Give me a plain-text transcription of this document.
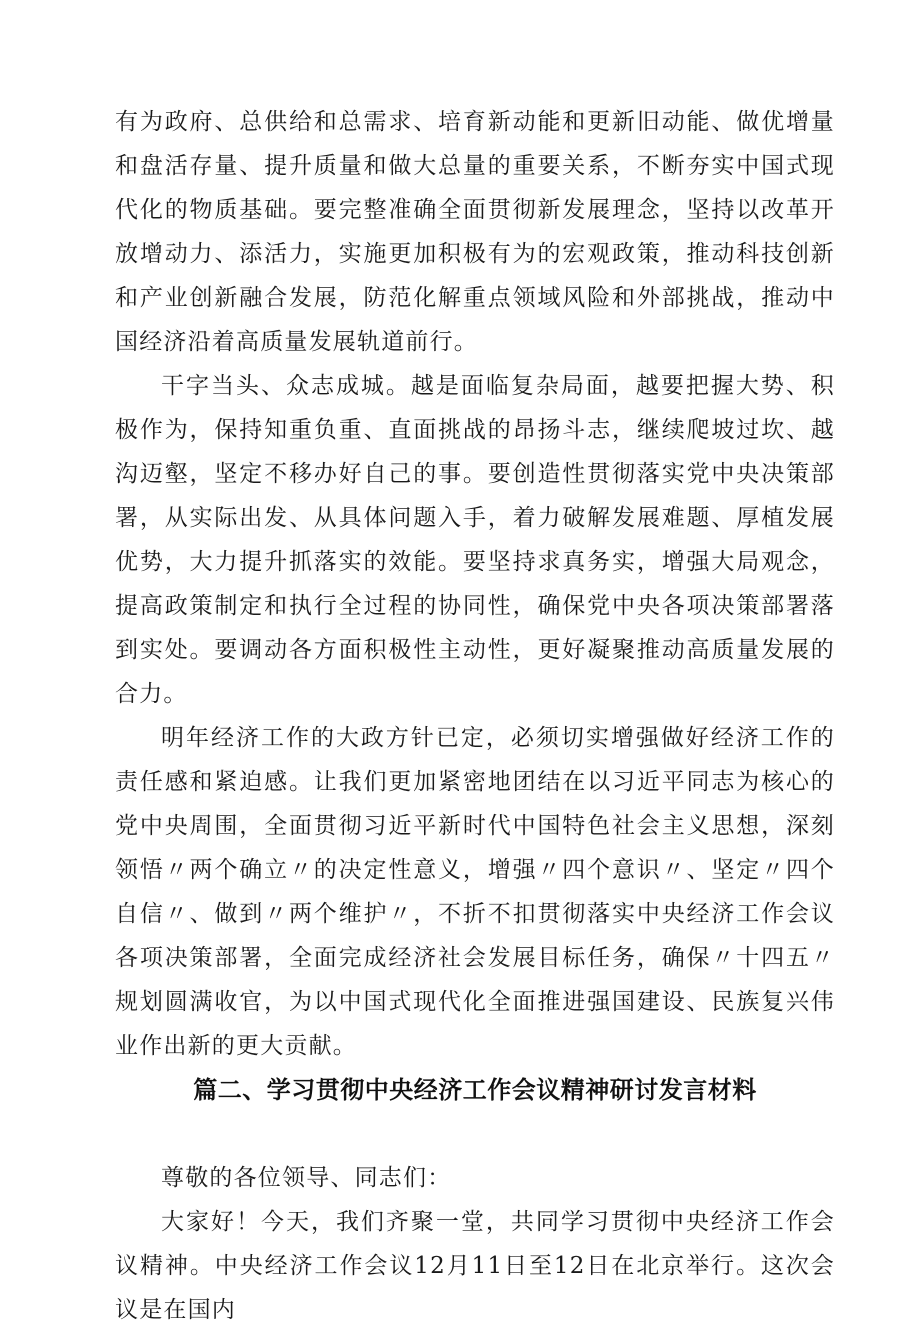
有为政府、总供给和总需求、培育新动能和更新旧动能、做优增量和盘活存量、提升质量和做大总量的重要关系，不断夯实中国式现代化的物质基础。要完整准确全面贯彻新发展理念，坚持以改革开放增动力、添活力，实施更加积极有为的宏观政策，推动科技创新和产业创新融合发展，防范化解重点领域风险和外部挑战，推动中国经济沿着高质量发展轨道前行。

干字当头、众志成城。越是面临复杂局面，越要把握大势、积极作为，保持知重负重、直面挑战的昂扬斗志，继续爬坡过坎、越沟迈壑，坚定不移办好自己的事。要创造性贯彻落实党中央决策部署，从实际出发、从具体问题入手，着力破解发展难题、厚植发展优势，大力提升抓落实的效能。要坚持求真务实，增强大局观念，提高政策制定和执行全过程的协同性，确保党中央各项决策部署落到实处。要调动各方面积极性主动性，更好凝聚推动高质量发展的合力。

明年经济工作的大政方针已定，必须切实增强做好经济工作的责任感和紧迫感。让我们更加紧密地团结在以习近平同志为核心的党中央周围，全面贯彻习近平新时代中国特色社会主义思想，深刻领悟〃两个确立〃的决定性意义，增强〃四个意识〃、坚定〃四个自信〃、做到〃两个维护〃，不折不扣贯彻落实中央经济工作会议各项决策部署，全面完成经济社会发展目标任务，确保〃十四五〃规划圆满收官，为以中国式现代化全面推进强国建设、民族复兴伟业作出新的更大贡献。

篇二、学习贯彻中央经济工作会议精神研讨发言材料

尊敬的各位领导、同志们：

大家好！今天，我们齐聚一堂，共同学习贯彻中央经济工作会议精神。中央经济工作会议12月11日至12日在北京举行。这次会议是在国内
